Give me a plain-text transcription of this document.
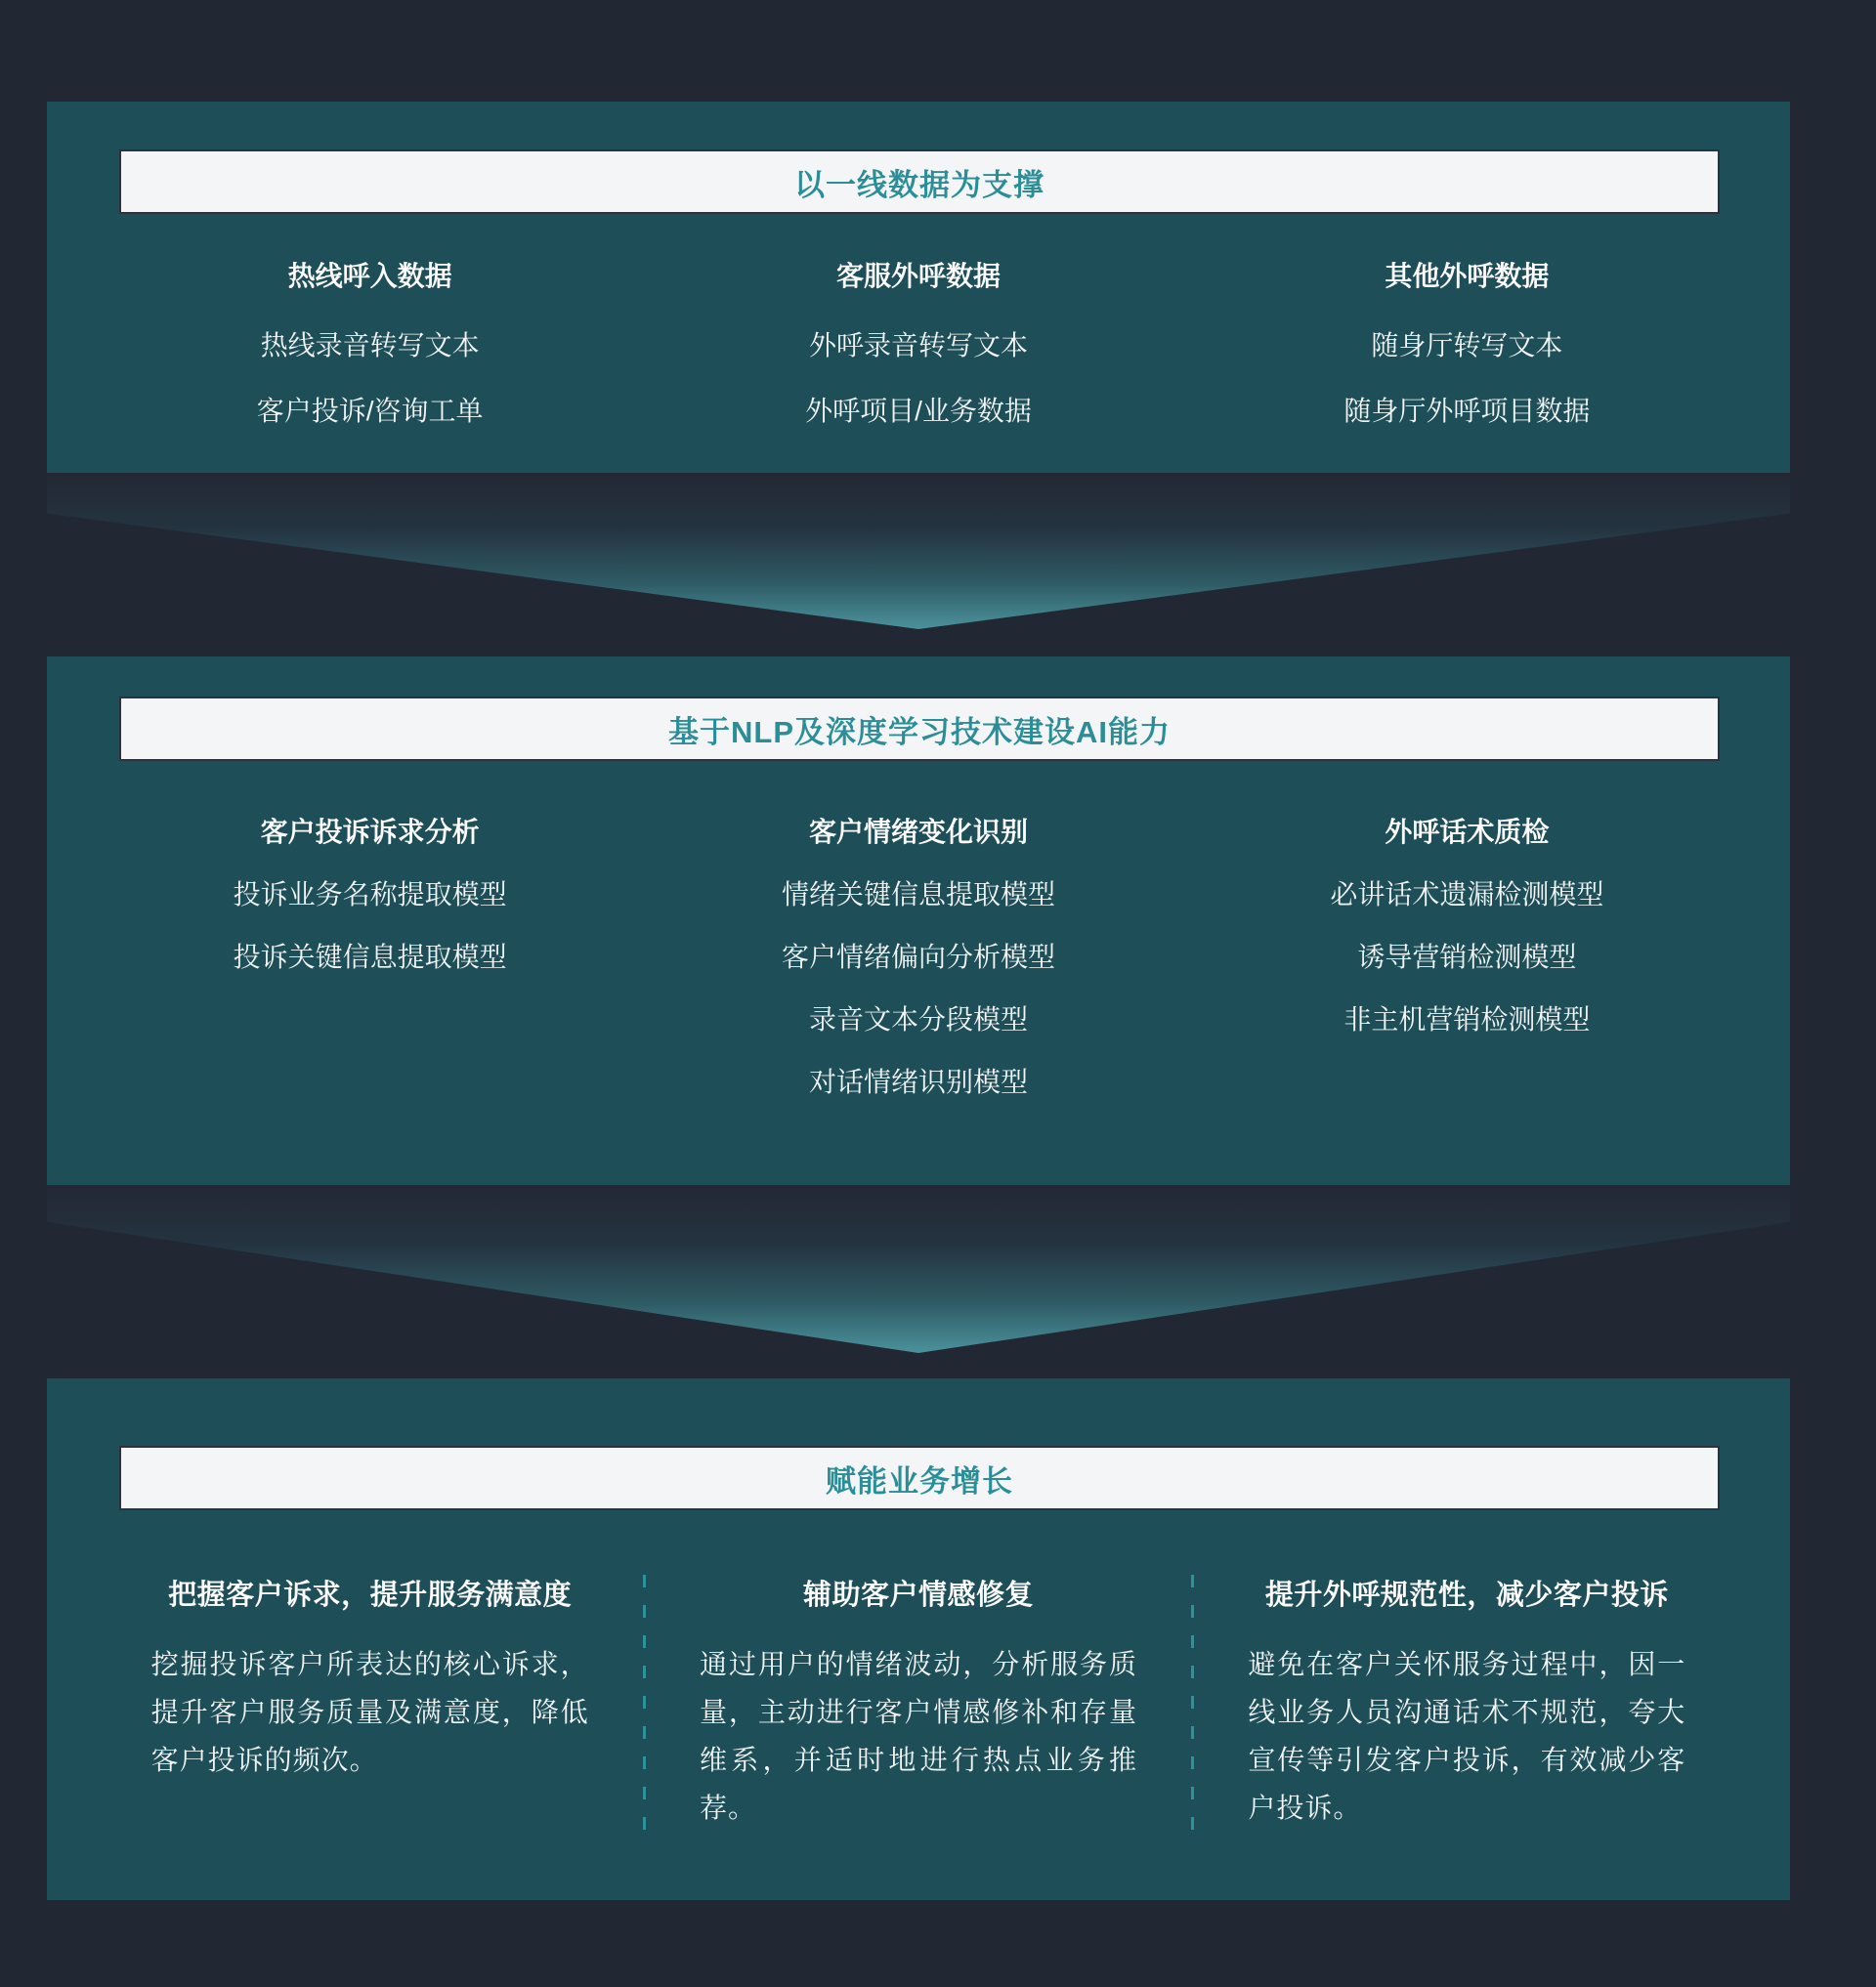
以一线数据为支撑
热线呼入数据
热线录音转写文本
客户投诉/咨询工单
客服外呼数据
外呼录音转写文本
外呼项目/业务数据
其他外呼数据
随身厅转写文本
随身厅外呼项目数据
基于NLP及深度学习技术建设AI能力
客户投诉诉求分析
投诉业务名称提取模型
投诉关键信息提取模型
客户情绪变化识别
情绪关键信息提取模型
客户情绪偏向分析模型
录音文本分段模型
对话情绪识别模型
外呼话术质检
必讲话术遗漏检测模型
诱导营销检测模型
非主机营销检测模型
赋能业务增长
把握客户诉求，提升服务满意度
挖掘投诉客户所表达的核心诉求，提升客户服务质量及满意度，降低客户投诉的频次。
辅助客户情感修复
通过用户的情绪波动，分析服务质量，主动进行客户情感修补和存量维系，并适时地进行热点业务推荐。
提升外呼规范性，减少客户投诉
避免在客户关怀服务过程中，因一线业务人员沟通话术不规范，夸大宣传等引发客户投诉，有效减少客户投诉。
